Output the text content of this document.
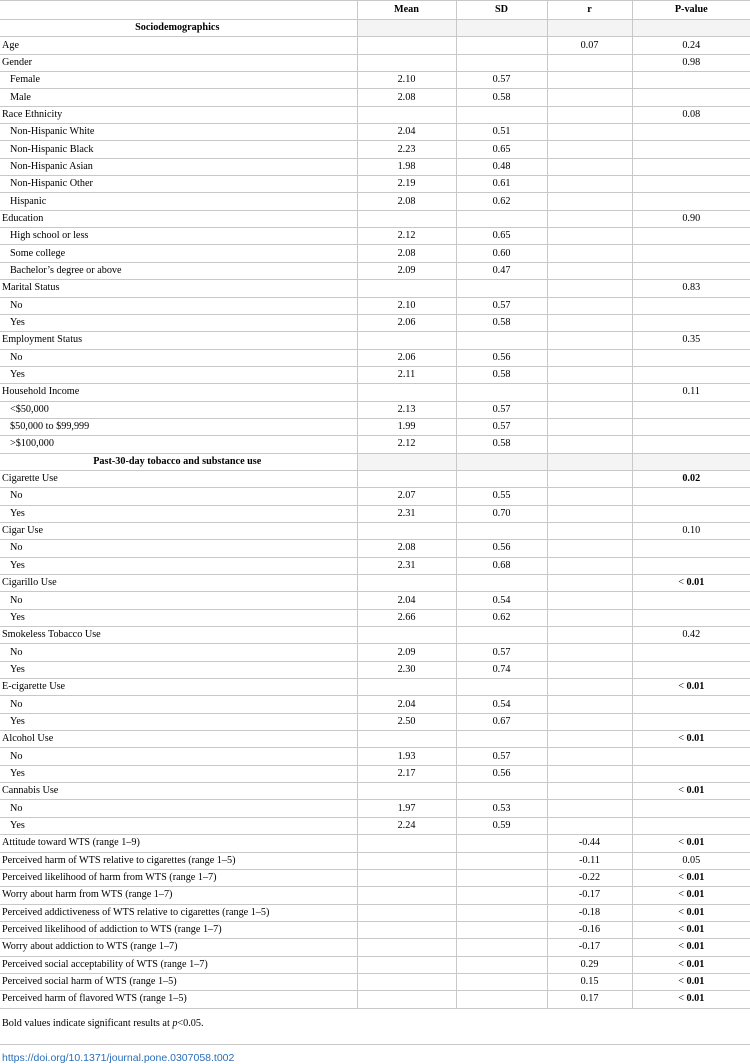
	Mean	SD	r	P-value
Sociodemographics				
Age			0.07	0.24
Gender				0.98
Female	2.10	0.57		
Male	2.08	0.58		
Race Ethnicity				0.08
Non-Hispanic White	2.04	0.51		
Non-Hispanic Black	2.23	0.65		
Non-Hispanic Asian	1.98	0.48		
Non-Hispanic Other	2.19	0.61		
Hispanic	2.08	0.62		
Education				0.90
High school or less	2.12	0.65		
Some college	2.08	0.60		
Bachelor’s degree or above	2.09	0.47		
Marital Status				0.83
No	2.10	0.57		
Yes	2.06	0.58		
Employment Status				0.35
No	2.06	0.56		
Yes	2.11	0.58		
Household Income				0.11
<$50,000	2.13	0.57		
$50,000 to $99,999	1.99	0.57		
>$100,000	2.12	0.58		
Past-30-day tobacco and substance use				
Cigarette Use				0.02
No	2.07	0.55		
Yes	2.31	0.70		
Cigar Use				0.10
No	2.08	0.56		
Yes	2.31	0.68		
Cigarillo Use				< 0.01
No	2.04	0.54		
Yes	2.66	0.62		
Smokeless Tobacco Use				0.42
No	2.09	0.57		
Yes	2.30	0.74		
E-cigarette Use				< 0.01
No	2.04	0.54		
Yes	2.50	0.67		
Alcohol Use				< 0.01
No	1.93	0.57		
Yes	2.17	0.56		
Cannabis Use				< 0.01
No	1.97	0.53		
Yes	2.24	0.59		
Attitude toward WTS (range 1–9)			-0.44	< 0.01
Perceived harm of WTS relative to cigarettes (range 1–5)			-0.11	0.05
Perceived likelihood of harm from WTS (range 1–7)			-0.22	< 0.01
Worry about harm from WTS (range 1–7)			-0.17	< 0.01
Perceived addictiveness of WTS relative to cigarettes (range 1–5)			-0.18	< 0.01
Perceived likelihood of addiction to WTS (range 1–7)			-0.16	< 0.01
Worry about addiction to WTS (range 1–7)			-0.17	< 0.01
Perceived social acceptability of WTS (range 1–7)			0.29	< 0.01
Perceived social harm of WTS (range 1–5)			0.15	< 0.01
Perceived harm of flavored WTS (range 1–5)			0.17	< 0.01
Bold values indicate significant results at p<0.05.
https://doi.org/10.1371/journal.pone.0307058.t002
